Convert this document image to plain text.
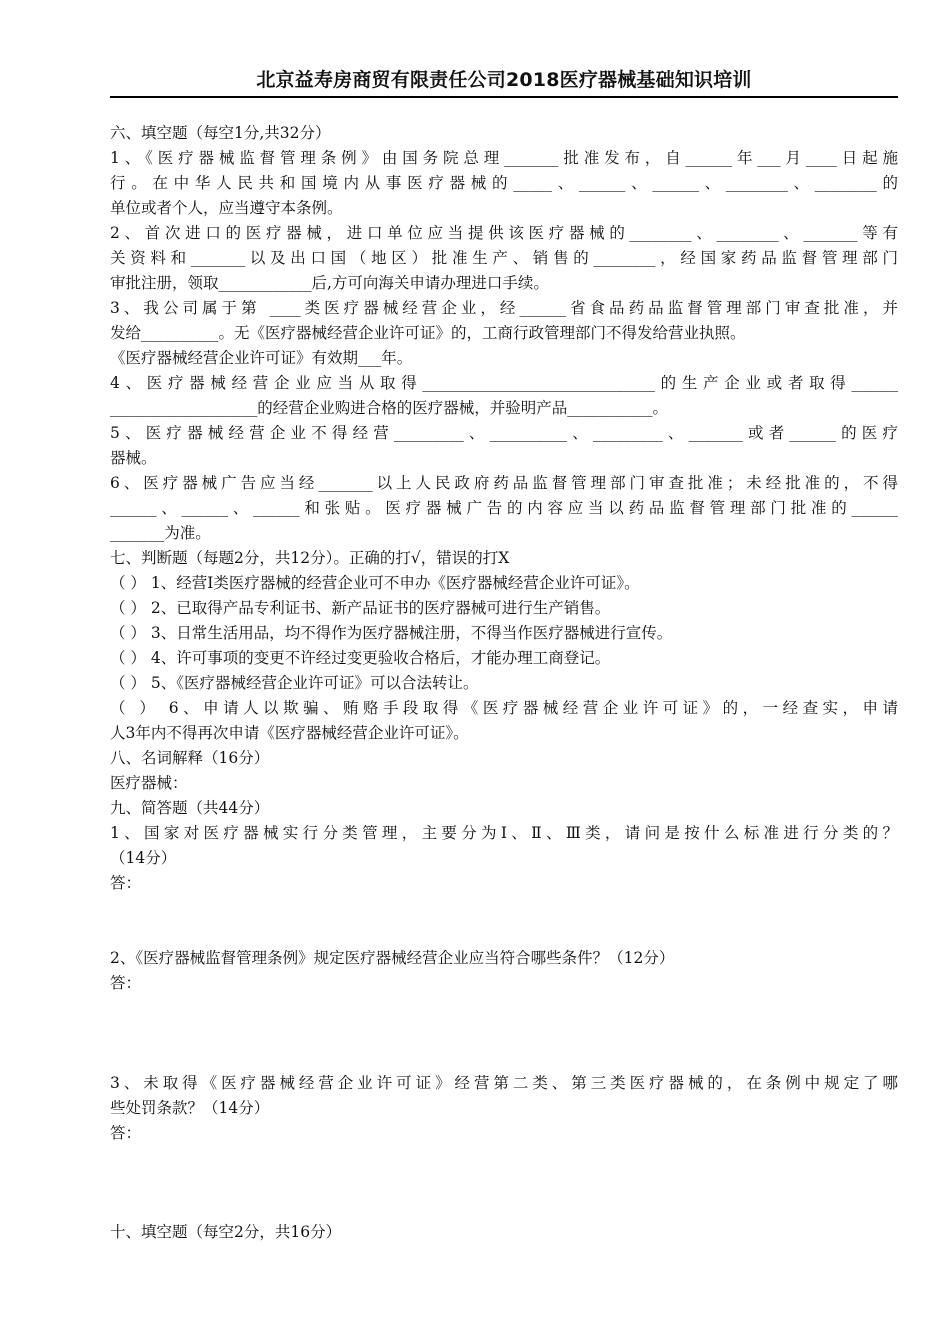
北京益寿房商贸有限责任公司2018医疗器械基础知识培训
六、填空题（每空1分,共32分）
1、《医疗器械监督管理条例》由国务院总理_______批准发布，自______年___月____日起施
行。在中华人民共和国境内从事医疗器械的_____、______、______、________、________的
单位或者个人，应当遵守本条例。
2、首次进口的医疗器械，进口单位应当提供该医疗器械的________、________、_______等有
关资料和_______以及出口国（地区）批准生产、销售的________，经国家药品监督管理部门
审批注册，领取____________后,方可向海关申请办理进口手续。
3、我公司属于第 ____类医疗器械经营企业，经______省食品药品监督管理部门审查批准，并
发给__________。无《医疗器械经营企业许可证》的，工商行政管理部门不得发给营业执照。
《医疗器械经营企业许可证》有效期___年。
4、医疗器械经营企业应当从取得______________________________的生产企业或者取得______
___________________的经营企业购进合格的医疗器械，并验明产品___________。
5、医疗器械经营企业不得经营_________、__________、_________、_______或者______的医疗
器械。
6、医疗器械广告应当经_______以上人民政府药品监督管理部门审查批准；未经批准的，不得
______、______、______和张贴。医疗器械广告的内容应当以药品监督管理部门批准的______
_______为准。
七、判断题（每题2分，共12分）。正确的打√，错误的打X
（ ） 1、经营Ⅰ类医疗器械的经营企业可不申办《医疗器械经营企业许可证》。
（ ） 2、已取得产品专利证书、新产品证书的医疗器械可进行生产销售。
（ ） 3、日常生活用品，均不得作为医疗器械注册，不得当作医疗器械进行宣传。
（ ） 4、许可事项的变更不许经过变更验收合格后，才能办理工商登记。
（ ） 5、《医疗器械经营企业许可证》可以合法转让。
（ ） 6、申请人以欺骗、贿赂手段取得《医疗器械经营企业许可证》的，一经查实，申请
人3年内不得再次申请《医疗器械经营企业许可证》。
八、名词解释（16分）
医疗器械：
九、简答题（共44分）
1、国家对医疗器械实行分类管理，主要分为Ⅰ、Ⅱ、Ⅲ类，请问是按什么标准进行分类的？
（14分）
答：
2、《医疗器械监督管理条例》规定医疗器械经营企业应当符合哪些条件？（12分）
答：
3、未取得《医疗器械经营企业许可证》经营第二类、第三类医疗器械的，在条例中规定了哪
些处罚条款？（14分）
答：
十、填空题（每空2分，共16分）
